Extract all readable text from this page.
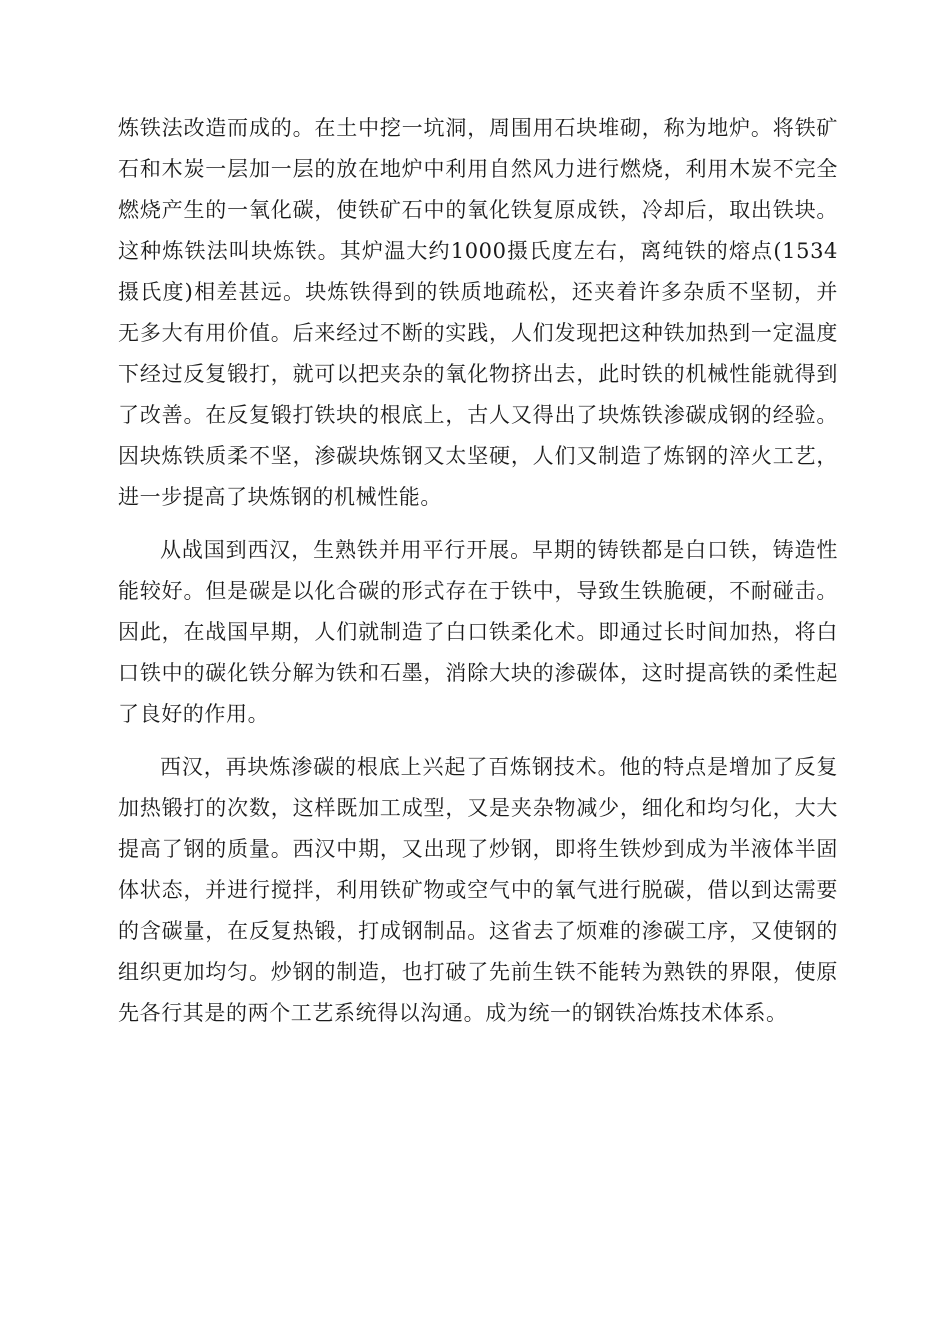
炼铁法改造而成的。在土中挖一坑洞，周围用石块堆砌，称为地炉。将铁矿石和木炭一层加一层的放在地炉中利用自然风力进行燃烧，利用木炭不完全燃烧产生的一氧化碳，使铁矿石中的氧化铁复原成铁，冷却后，取出铁块。这种炼铁法叫块炼铁。其炉温大约1000摄氏度左右，离纯铁的熔点(1534摄氏度)相差甚远。块炼铁得到的铁质地疏松，还夹着许多杂质不坚韧，并无多大有用价值。后来经过不断的实践，人们发现把这种铁加热到一定温度下经过反复锻打，就可以把夹杂的氧化物挤出去，此时铁的机械性能就得到了改善。在反复锻打铁块的根底上，古人又得出了块炼铁渗碳成钢的经验。因块炼铁质柔不坚，渗碳块炼钢又太坚硬，人们又制造了炼钢的淬火工艺，进一步提高了块炼钢的机械性能。

从战国到西汉，生熟铁并用平行开展。早期的铸铁都是白口铁，铸造性能较好。但是碳是以化合碳的形式存在于铁中，导致生铁脆硬，不耐碰击。因此，在战国早期，人们就制造了白口铁柔化术。即通过长时间加热，将白口铁中的碳化铁分解为铁和石墨，消除大块的渗碳体，这时提高铁的柔性起了良好的作用。

西汉，再块炼渗碳的根底上兴起了百炼钢技术。他的特点是增加了反复加热锻打的次数，这样既加工成型，又是夹杂物减少，细化和均匀化，大大提高了钢的质量。西汉中期，又出现了炒钢，即将生铁炒到成为半液体半固体状态，并进行搅拌，利用铁矿物或空气中的氧气进行脱碳，借以到达需要的含碳量，在反复热锻，打成钢制品。这省去了烦难的渗碳工序，又使钢的组织更加均匀。炒钢的制造，也打破了先前生铁不能转为熟铁的界限，使原先各行其是的两个工艺系统得以沟通。成为统一的钢铁冶炼技术体系。
